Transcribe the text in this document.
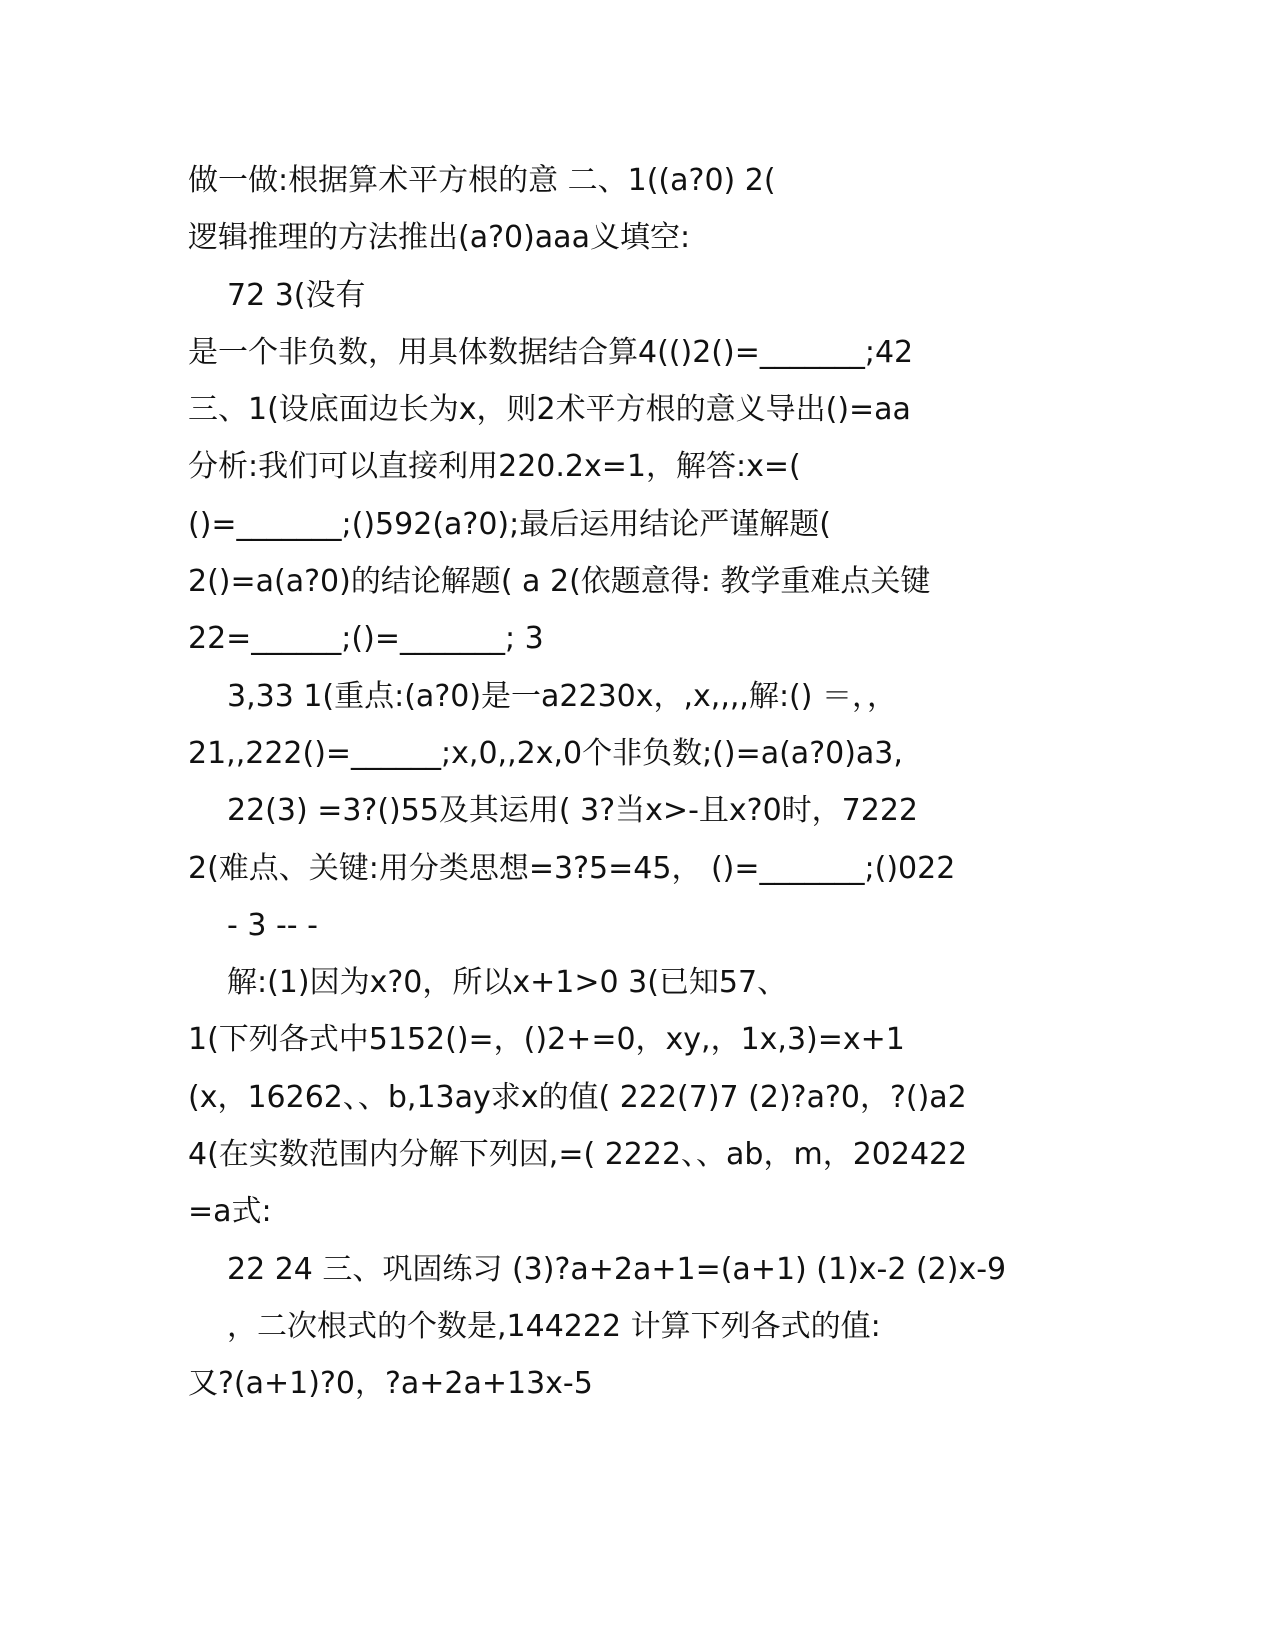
做一做:根据算术平方根的意 二、1((a?0) 2(
逻辑推理的方法推出(a?0)aaa义填空:
72 3(没有
是一个非负数，用具体数据结合算4(()2()=_______;42
三、1(设底面边长为x，则2术平方根的意义导出()=aa
分析:我们可以直接利用220.2x=1，解答:x=(
()=_______;()592(a?0);最后运用结论严谨解题(
2()=a(a?0)的结论解题( a 2(依题意得: 教学重难点关键
22=______;()=_______; 3
3,33 1(重点:(a?0)是一a2230x，,x,,,,解:() ＝，，
21,,222()=______;x,0,,2x,0个非负数;()=a(a?0)a3,
22(3) =3?()55及其运用( 3?当x>-且x?0时，7222
2(难点、关键:用分类思想=3?5=45， ()=_______;()022
- 3 -- -
解:(1)因为x?0，所以x+1>0 3(已知57、
1(下列各式中5152()=，()2+=0，xy,，1x,3)=x+1
(x，16262、、b,13ay求x的值( 222(7)7 (2)?a?0，?()a2
4(在实数范围内分解下列因,=( 2222、、ab，m，202422
=a式:
22 24 三、巩固练习 (3)?a+2a+1=(a+1) (1)x-2 (2)x-9
，二次根式的个数是,144222 计算下列各式的值:
又?(a+1)?0，?a+2a+13x-5
